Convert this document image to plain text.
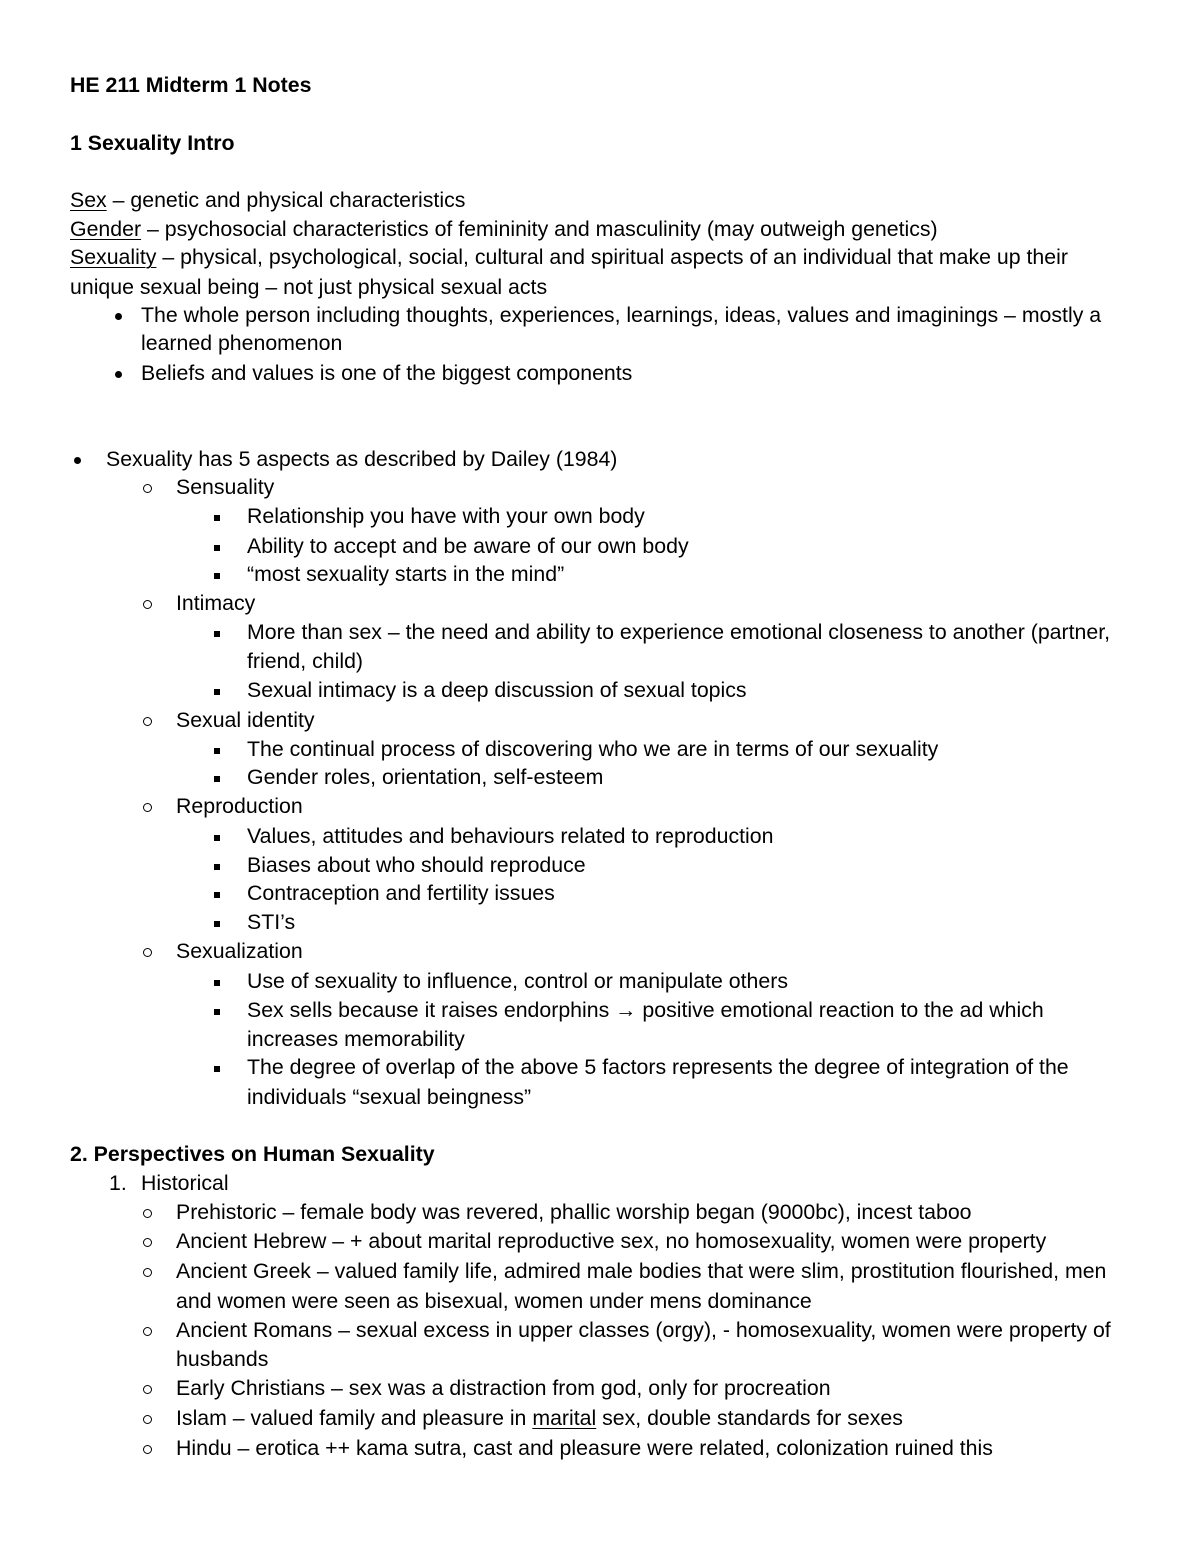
HE 211 Midterm 1 Notes
1 Sexuality Intro
Sex – genetic and physical characteristics
Gender – psychosocial characteristics of femininity and masculinity (may outweigh genetics)
Sexuality – physical, psychological, social, cultural and spiritual aspects of an individual that make up their
unique sexual being – not just physical sexual acts
The whole person including thoughts, experiences, learnings, ideas, values and imaginings – mostly a
learned phenomenon
Beliefs and values is one of the biggest components
Sexuality has 5 aspects as described by Dailey (1984)
Sensuality
Relationship you have with your own body
Ability to accept and be aware of our own body
“most sexuality starts in the mind”
Intimacy
More than sex – the need and ability to experience emotional closeness to another (partner,
friend, child)
Sexual intimacy is a deep discussion of sexual topics
Sexual identity
The continual process of discovering who we are in terms of our sexuality
Gender roles, orientation, self-esteem
Reproduction
Values, attitudes and behaviours related to reproduction
Biases about who should reproduce
Contraception and fertility issues
STI’s
Sexualization
Use of sexuality to influence, control or manipulate others
Sex sells because it raises endorphins → positive emotional reaction to the ad which
increases memorability
The degree of overlap of the above 5 factors represents the degree of integration of the
individuals “sexual beingness”
2. Perspectives on Human Sexuality
1. Historical
Prehistoric – female body was revered, phallic worship began (9000bc), incest taboo
Ancient Hebrew – + about marital reproductive sex, no homosexuality, women were property
Ancient Greek – valued family life, admired male bodies that were slim, prostitution flourished, men
and women were seen as bisexual, women under mens dominance
Ancient Romans – sexual excess in upper classes (orgy), - homosexuality, women were property of
husbands
Early Christians – sex was a distraction from god, only for procreation
Islam – valued family and pleasure in marital sex, double standards for sexes
Hindu – erotica ++ kama sutra, cast and pleasure were related, colonization ruined this
